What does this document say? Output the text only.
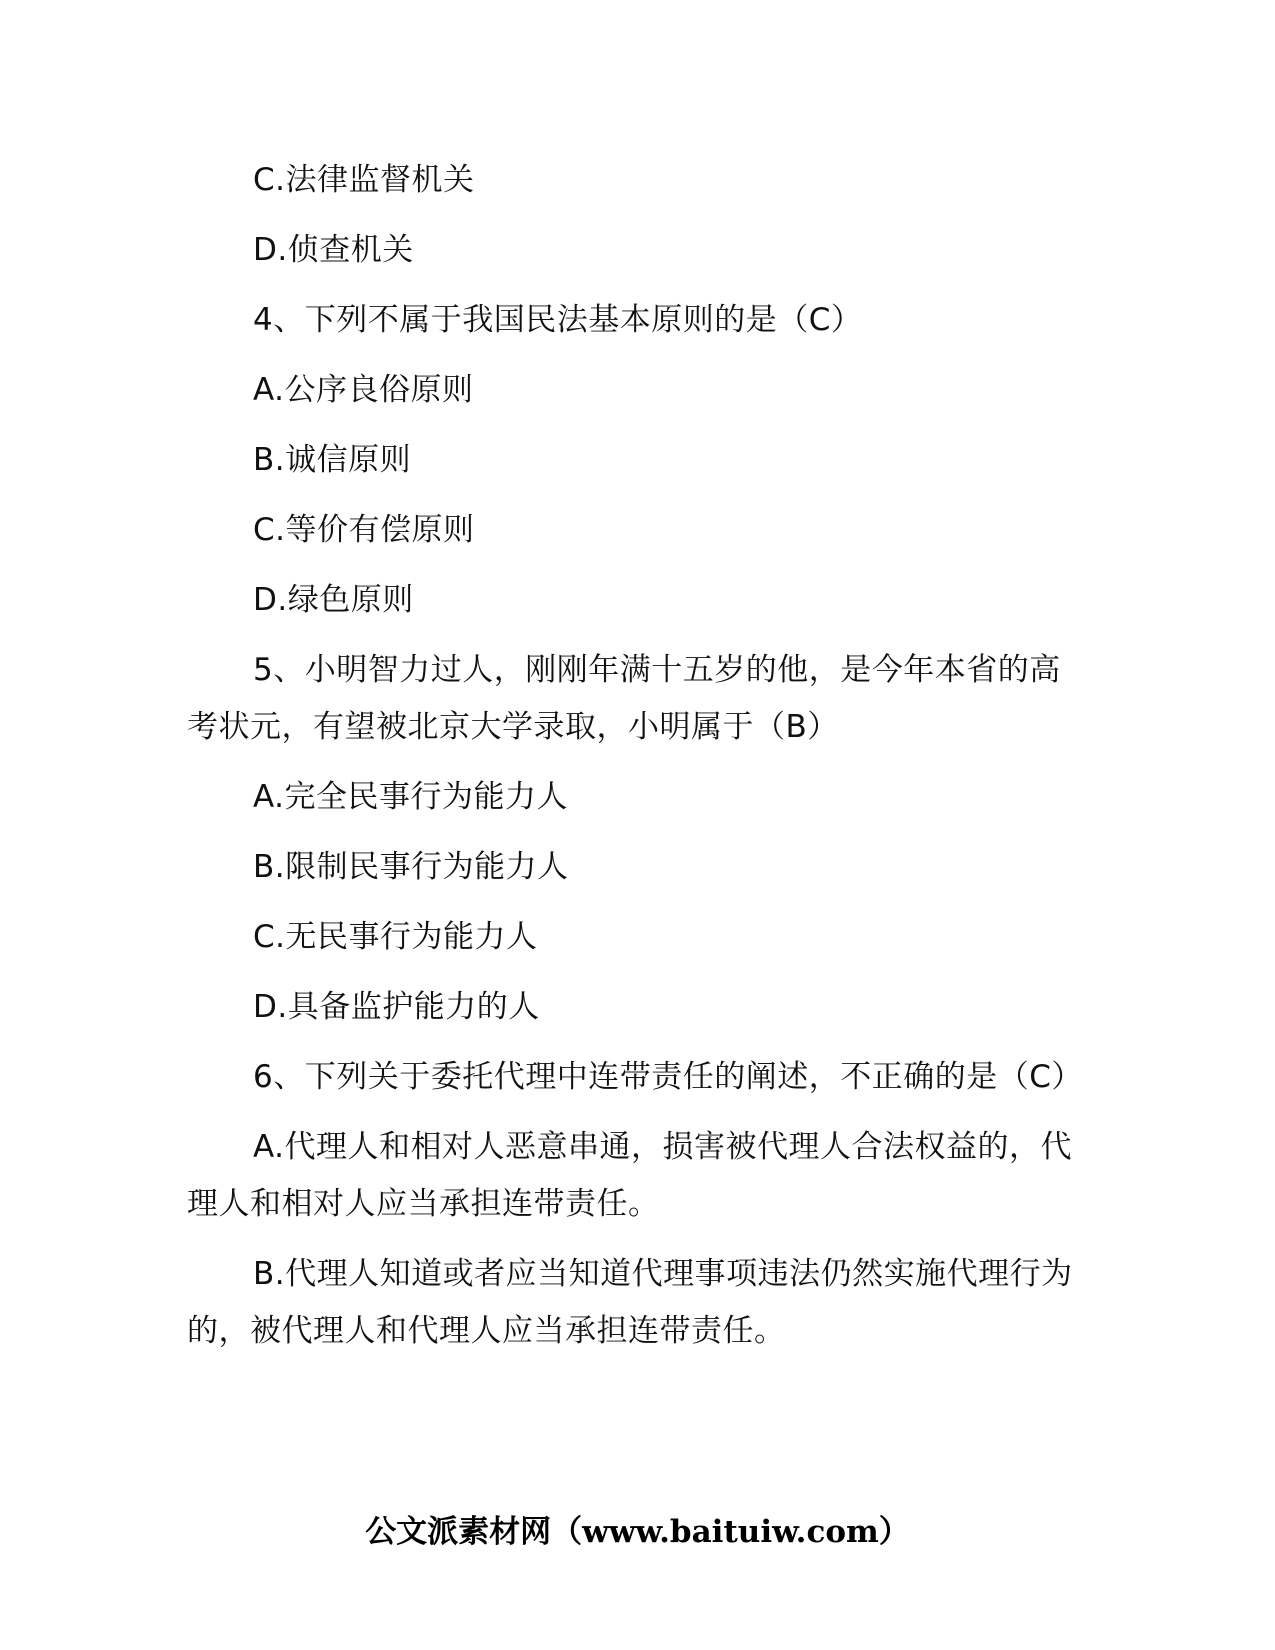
C.法律监督机关

D.侦查机关

4、下列不属于我国民法基本原则的是（C）

A.公序良俗原则

B.诚信原则

C.等价有偿原则

D.绿色原则

5、小明智力过人，刚刚年满十五岁的他，是今年本省的高考状元，有望被北京大学录取，小明属于（B）

A.完全民事行为能力人

B.限制民事行为能力人

C.无民事行为能力人

D.具备监护能力的人

6、下列关于委托代理中连带责任的阐述，不正确的是（C）

A.代理人和相对人恶意串通，损害被代理人合法权益的，代理人和相对人应当承担连带责任。

B.代理人知道或者应当知道代理事项违法仍然实施代理行为的，被代理人和代理人应当承担连带责任。

公文派素材网（www.baituiw.com）
